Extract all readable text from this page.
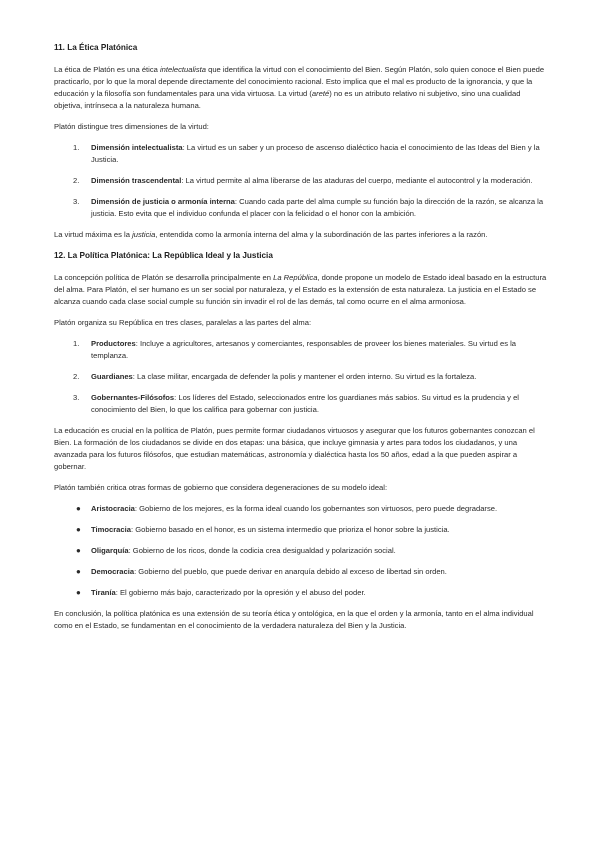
11. La Ética Platónica

La ética de Platón es una ética intelectualista que identifica la virtud con el conocimiento del Bien. Según Platón, solo quien conoce el Bien puede practicarlo, por lo que la moral depende directamente del conocimiento racional. Esto implica que el mal es producto de la ignorancia, y que la educación y la filosofía son fundamentales para una vida virtuosa. La virtud (areté) no es un atributo relativo ni subjetivo, sino una cualidad objetiva, intrínseca a la naturaleza humana.

Platón distingue tres dimensiones de la virtud:

1. Dimensión intelectualista: La virtud es un saber y un proceso de ascenso dialéctico hacia el conocimiento de las Ideas del Bien y la Justicia.
2. Dimensión trascendental: La virtud permite al alma liberarse de las ataduras del cuerpo, mediante el autocontrol y la moderación.
3. Dimensión de justicia o armonía interna: Cuando cada parte del alma cumple su función bajo la dirección de la razón, se alcanza la justicia. Esto evita que el individuo confunda el placer con la felicidad o el honor con la ambición.

La virtud máxima es la justicia, entendida como la armonía interna del alma y la subordinación de las partes inferiores a la razón.

12. La Política Platónica: La República Ideal y la Justicia

La concepción política de Platón se desarrolla principalmente en La República, donde propone un modelo de Estado ideal basado en la estructura del alma. Para Platón, el ser humano es un ser social por naturaleza, y el Estado es la extensión de esta naturaleza. La justicia en el Estado se alcanza cuando cada clase social cumple su función sin invadir el rol de las demás, tal como ocurre en el alma armoniosa.

Platón organiza su República en tres clases, paralelas a las partes del alma:

1. Productores: Incluye a agricultores, artesanos y comerciantes, responsables de proveer los bienes materiales. Su virtud es la templanza.
2. Guardianes: La clase militar, encargada de defender la polis y mantener el orden interno. Su virtud es la fortaleza.
3. Gobernantes-Filósofos: Los líderes del Estado, seleccionados entre los guardianes más sabios. Su virtud es la prudencia y el conocimiento del Bien, lo que los califica para gobernar con justicia.

La educación es crucial en la política de Platón, pues permite formar ciudadanos virtuosos y asegurar que los futuros gobernantes conozcan el Bien. La formación de los ciudadanos se divide en dos etapas: una básica, que incluye gimnasia y artes para todos los ciudadanos, y una avanzada para los futuros filósofos, que estudian matemáticas, astronomía y dialéctica hasta los 50 años, edad a la que pueden aspirar a gobernar.

Platón también critica otras formas de gobierno que considera degeneraciones de su modelo ideal:

● Aristocracia: Gobierno de los mejores, es la forma ideal cuando los gobernantes son virtuosos, pero puede degradarse.
● Timocracia: Gobierno basado en el honor, es un sistema intermedio que prioriza el honor sobre la justicia.
● Oligarquía: Gobierno de los ricos, donde la codicia crea desigualdad y polarización social.
● Democracia: Gobierno del pueblo, que puede derivar en anarquía debido al exceso de libertad sin orden.
● Tiranía: El gobierno más bajo, caracterizado por la opresión y el abuso del poder.

En conclusión, la política platónica es una extensión de su teoría ética y ontológica, en la que el orden y la armonía, tanto en el alma individual como en el Estado, se fundamentan en el conocimiento de la verdadera naturaleza del Bien y la Justicia.
